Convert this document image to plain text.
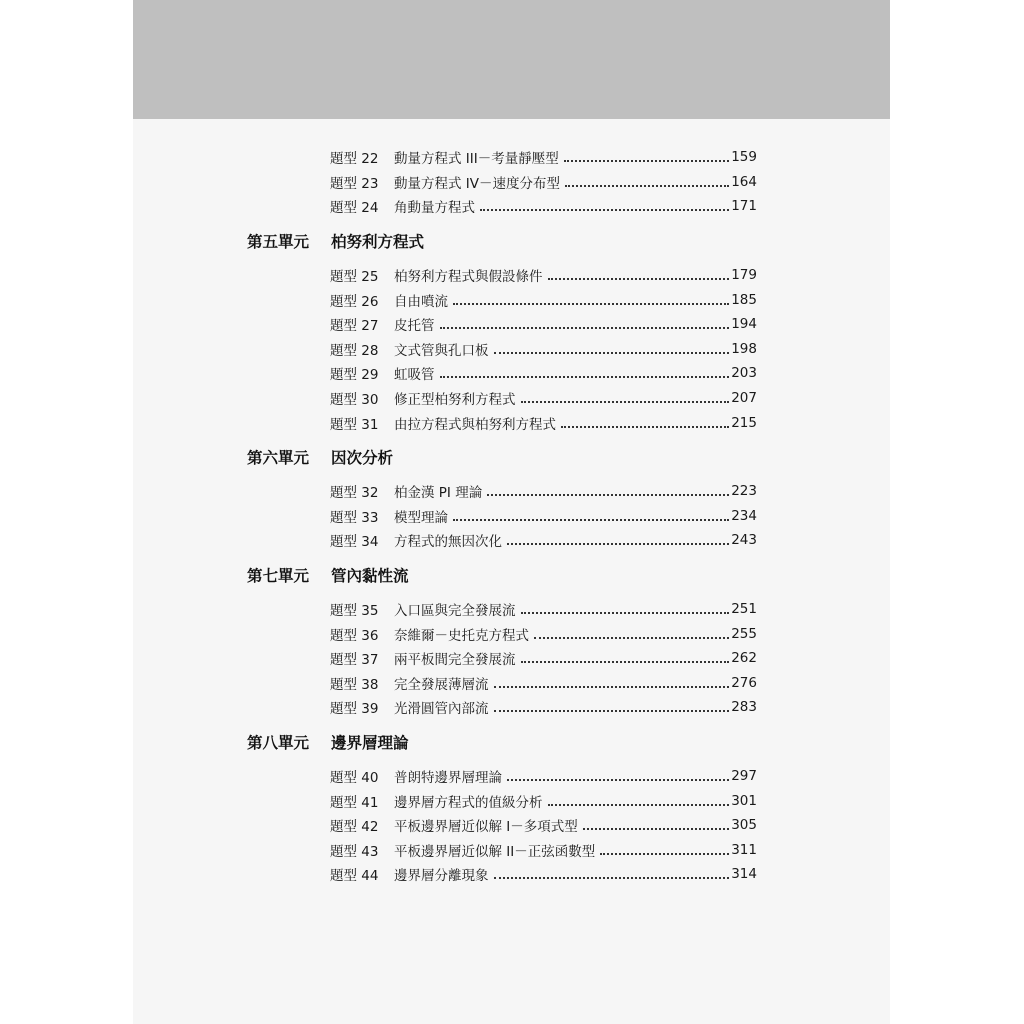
題型 22	動量方程式 III－考量靜壓型	159
題型 23	動量方程式 IV－速度分布型	164
題型 24	角動量方程式	171
第五單元	柏努利方程式
題型 25	柏努利方程式與假設條件	179
題型 26	自由噴流	185
題型 27	皮托管	194
題型 28	文式管與孔口板	198
題型 29	虹吸管	203
題型 30	修正型柏努利方程式	207
題型 31	由拉方程式與柏努利方程式	215
第六單元	因次分析
題型 32	柏金漢 PI 理論	223
題型 33	模型理論	234
題型 34	方程式的無因次化	243
第七單元	管內黏性流
題型 35	入口區與完全發展流	251
題型 36	奈維爾－史托克方程式	255
題型 37	兩平板間完全發展流	262
題型 38	完全發展薄層流	276
題型 39	光滑圓管內部流	283
第八單元	邊界層理論
題型 40	普朗特邊界層理論	297
題型 41	邊界層方程式的值級分析	301
題型 42	平板邊界層近似解 I－多項式型	305
題型 43	平板邊界層近似解 II－正弦函數型	311
題型 44	邊界層分離現象	314
